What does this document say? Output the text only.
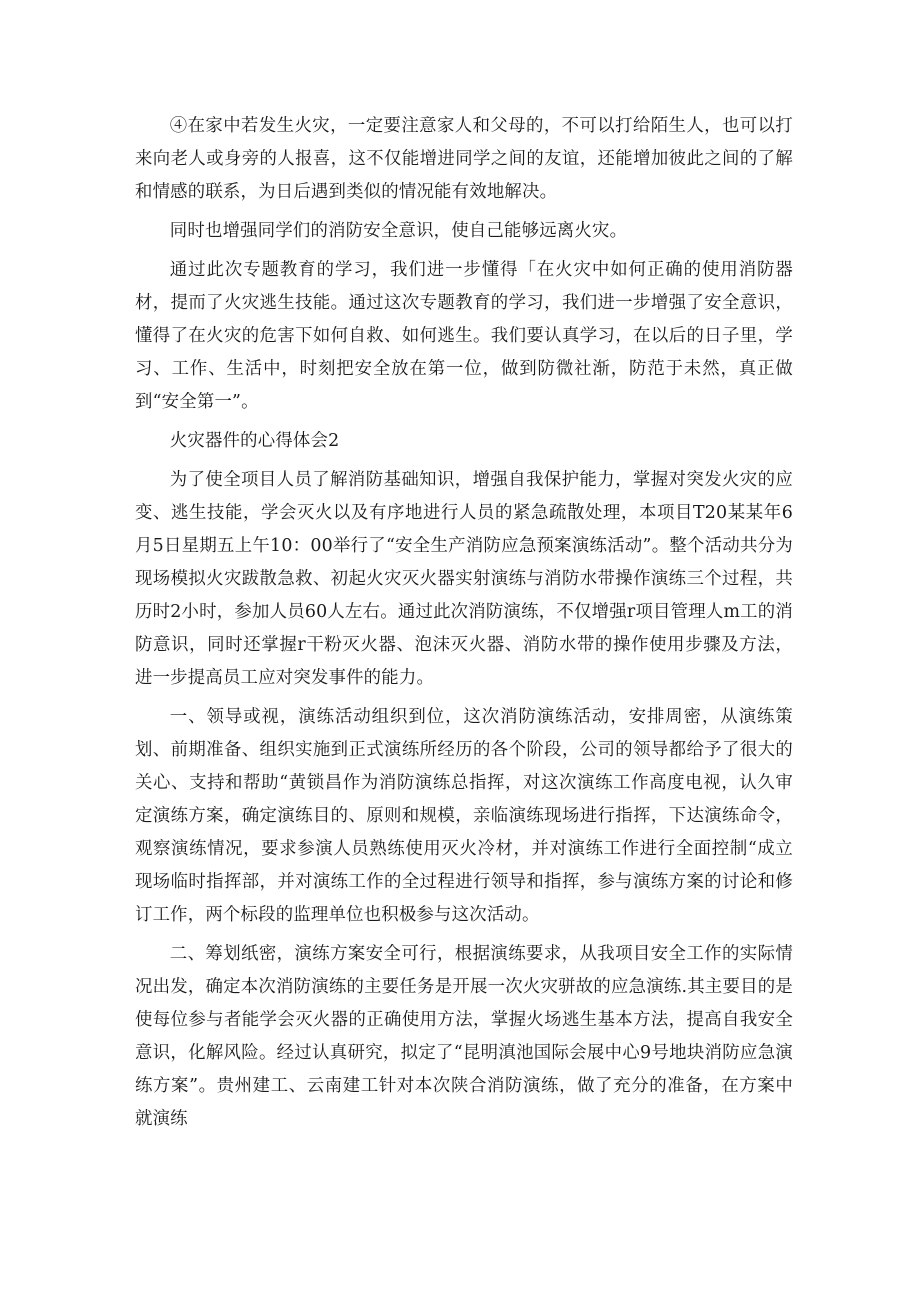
④在家中若发生火灾，一定要注意家人和父母的，不可以打给陌生人，也可以打来向老人或身旁的人报喜，这不仅能增进同学之间的友谊，还能增加彼此之间的了解和情感的联系，为日后遇到类似的情况能有效地解决。

同时也增强同学们的消防安全意识，使自己能够远离火灾。

通过此次专题教育的学习，我们进一步懂得「在火灾中如何正确的使用消防器材，提而了火灾逃生技能。通过这次专题教育的学习，我们进一步增强了安全意识，懂得了在火灾的危害下如何自救、如何逃生。我们要认真学习，在以后的日子里，学习、工作、生活中，时刻把安全放在第一位，做到防微社渐，防范于未然，真正做到“安全第一”。

火灾器件的心得体会2

为了使全项目人员了解消防基础知识，增强自我保护能力，掌握对突发火灾的应变、逃生技能，学会灭火以及有序地进行人员的紧急疏散处理，本项目T20某某年6月5日星期五上午10：00举行了“安全生产消防应急预案演练活动”。整个活动共分为现场模拟火灾跋散急救、初起火灾灭火器实射演练与消防水带操作演练三个过程，共历时2小时，参加人员60人左右。通过此次消防演练，不仅增强r项目管理人m工的消防意识，同时还掌握r干粉灭火器、泡沫灭火器、消防水带的操作使用步骤及方法，进一步提高员工应对突发事件的能力。

一、领导或视，演练活动组织到位，这次消防演练活动，安排周密，从演练策划、前期准备、组织实施到正式演练所经历的各个阶段，公司的领导都给予了很大的关心、支持和帮助“黄锁昌作为消防演练总指挥，对这次演练工作高度电视，认久审定演练方案，确定演练目的、原则和规模，亲临演练现场进行指挥，下达演练命令，观察演练情况，要求参演人员熟练使用灭火冷材，并对演练工作进行全面控制“成立现场临时指挥部，并对演练工作的全过程进行领导和指挥，参与演练方案的讨论和修订工作，两个标段的监理单位也积极参与这次活动。

二、筹划纸密，演练方案安全可行，根据演练要求，从我项目安全工作的实际情况出发，确定本次消防演练的主要任务是开展一次火灾骈故的应急演练.其主要目的是使每位参与者能学会灭火器的正确使用方法，掌握火场逃生基本方法，提高自我安全意识，化解风险。经过认真研究，拟定了“昆明滇池国际会展中心9号地块消防应急演练方案”。贵州建工、云南建工针对本次陕合消防演练，做了充分的准备，在方案中就演练
